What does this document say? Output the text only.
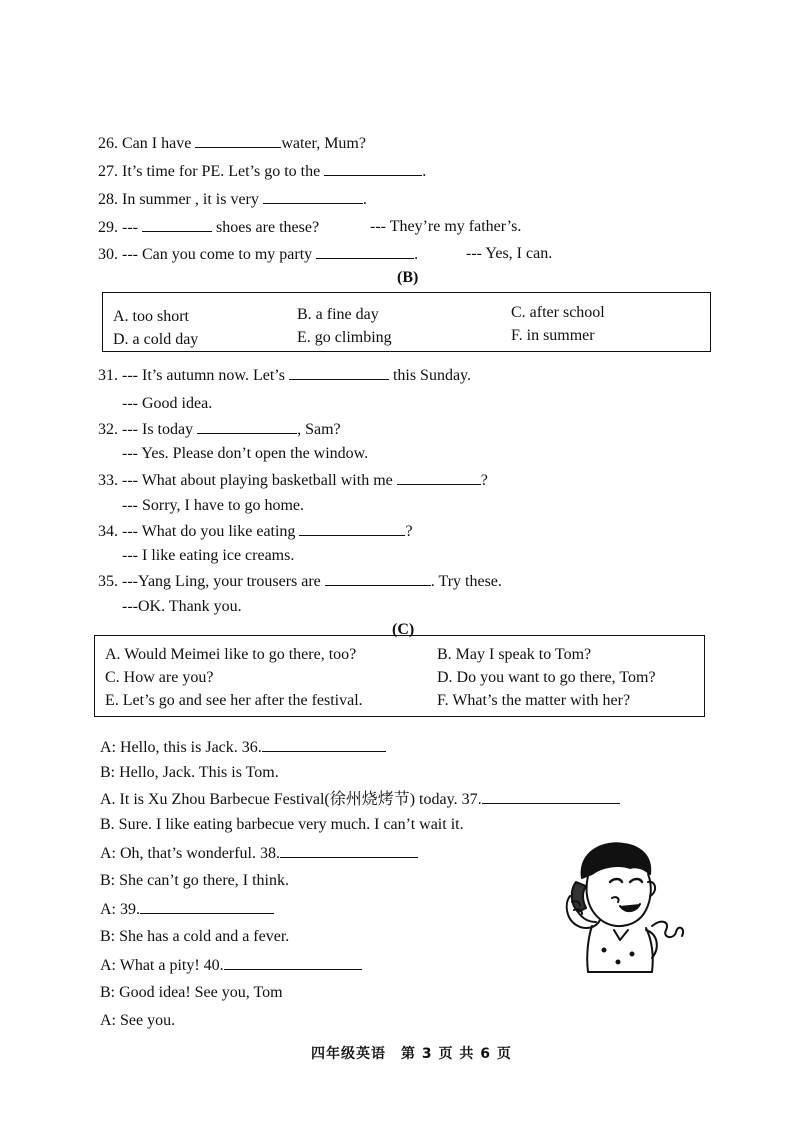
26. Can I have	water, Mum?
27. It’s time for PE. Let’s go to the	.
28. In summer , it is very	.
29. ---	shoes are these?	--- They’re my father’s.
30. --- Can you come to my party	.	--- Yes, I can.
(B)
A. too short	B. a fine day	C. after school
D. a cold day	E. go climbing	F. in summer
31. --- It’s autumn now. Let’s	this Sunday.
--- Good idea.
32. --- Is today	, Sam?
--- Yes. Please don’t open the window.
33. --- What about playing basketball with me	?
--- Sorry, I have to go home.
34. --- What do you like eating	?
--- I like eating ice creams.
35. ---Yang Ling, your trousers are	. Try these.
---OK. Thank you.
(C)
A. Would Meimei like to go there, too?	B. May I speak to Tom?
C. How are you?	D. Do you want to go there, Tom?
E. Let’s go and see her after the festival.	F. What’s the matter with her?
A: Hello, this is Jack. 36.
B: Hello, Jack. This is Tom.
A. It is Xu Zhou Barbecue Festival(徐州烧烤节) today. 37.
B. Sure. I like eating barbecue very much. I can’t wait it.
A: Oh, that’s wonderful. 38.
B: She can’t go there, I think.
A: 39.
B: She has a cold and a fever.
A: What a pity! 40.
B: Good idea! See you, Tom
A: See you.
四年级英语　第 3 页 共 6 页
